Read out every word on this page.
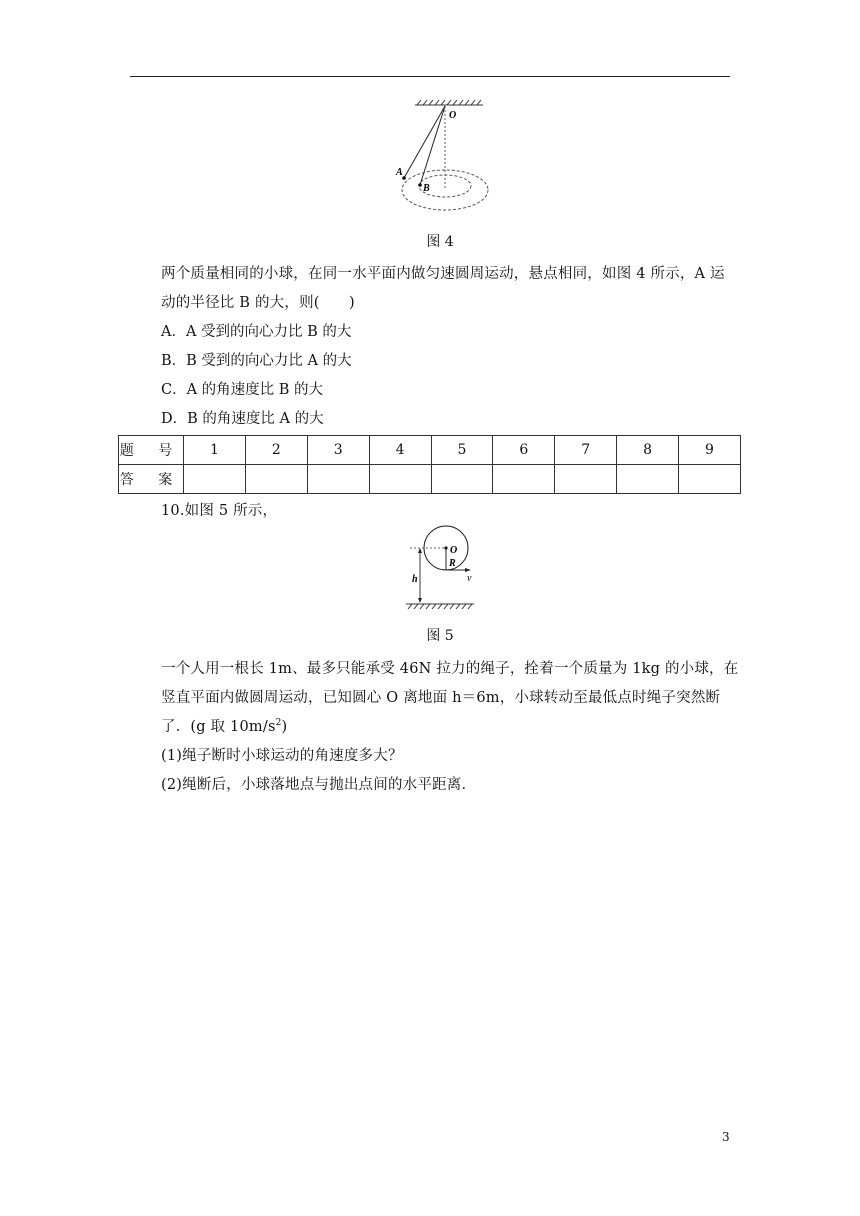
O
A
B
图 4
两个质量相同的小球，在同一水平面内做匀速圆周运动，悬点相同，如图 4 所示，A 运
动的半径比 B 的大，则(　　)
A．A 受到的向心力比 B 的大
B．B 受到的向心力比 A 的大
C．A 的角速度比 B 的大
D．B 的角速度比 A 的大
题 号	1	2	3	4	5	6	7	8	9
答 案									
10.如图 5 所示，
O
R
h	v
图 5
一个人用一根长 1m、最多只能承受 46N 拉力的绳子，拴着一个质量为 1kg 的小球，在
竖直平面内做圆周运动，已知圆心 O 离地面 h＝6m，小球转动至最低点时绳子突然断
了．(g 取 $10m/s^2$)
(1)绳子断时小球运动的角速度多大？
(2)绳断后，小球落地点与抛出点间的水平距离．
3
